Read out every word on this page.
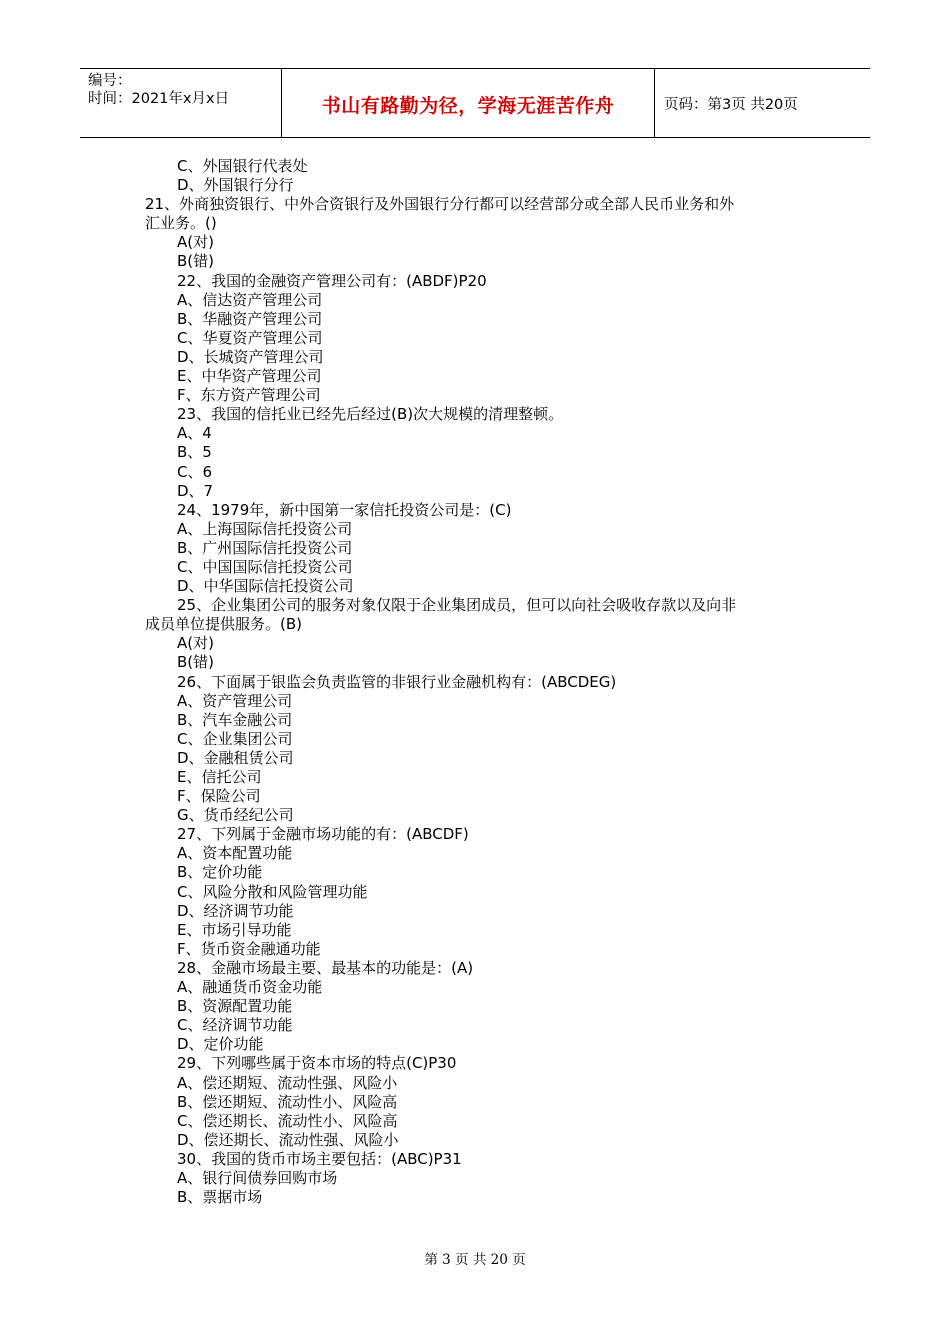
编号：
时间：2021年x月x日	书山有路勤为径，学海无涯苦作舟	页码：第3页 共20页
C、外国银行代表处
D、外国银行分行
21、外商独资银行、中外合资银行及外国银行分行都可以经营部分或全部人民币业务和外
汇业务。()
A(对)
B(错)
22、我国的金融资产管理公司有：(ABDF)P20
A、信达资产管理公司
B、华融资产管理公司
C、华夏资产管理公司
D、长城资产管理公司
E、中华资产管理公司
F、东方资产管理公司
23、我国的信托业已经先后经过(B)次大规模的清理整顿。
A、4
B、5
C、6
D、7
24、1979年，新中国第一家信托投资公司是：(C)
A、上海国际信托投资公司
B、广州国际信托投资公司
C、中国国际信托投资公司
D、中华国际信托投资公司
25、企业集团公司的服务对象仅限于企业集团成员，但可以向社会吸收存款以及向非
成员单位提供服务。(B)
A(对)
B(错)
26、下面属于银监会负责监管的非银行业金融机构有：(ABCDEG)
A、资产管理公司
B、汽车金融公司
C、企业集团公司
D、金融租赁公司
E、信托公司
F、保险公司
G、货币经纪公司
27、下列属于金融市场功能的有：(ABCDF)
A、资本配置功能
B、定价功能
C、风险分散和风险管理功能
D、经济调节功能
E、市场引导功能
F、货币资金融通功能
28、金融市场最主要、最基本的功能是：(A)
A、融通货币资金功能
B、资源配置功能
C、经济调节功能
D、定价功能
29、下列哪些属于资本市场的特点(C)P30
A、偿还期短、流动性强、风险小
B、偿还期短、流动性小、风险高
C、偿还期长、流动性小、风险高
D、偿还期长、流动性强、风险小
30、我国的货币市场主要包括：(ABC)P31
A、银行间债券回购市场
B、票据市场
第 3 页 共 20 页
